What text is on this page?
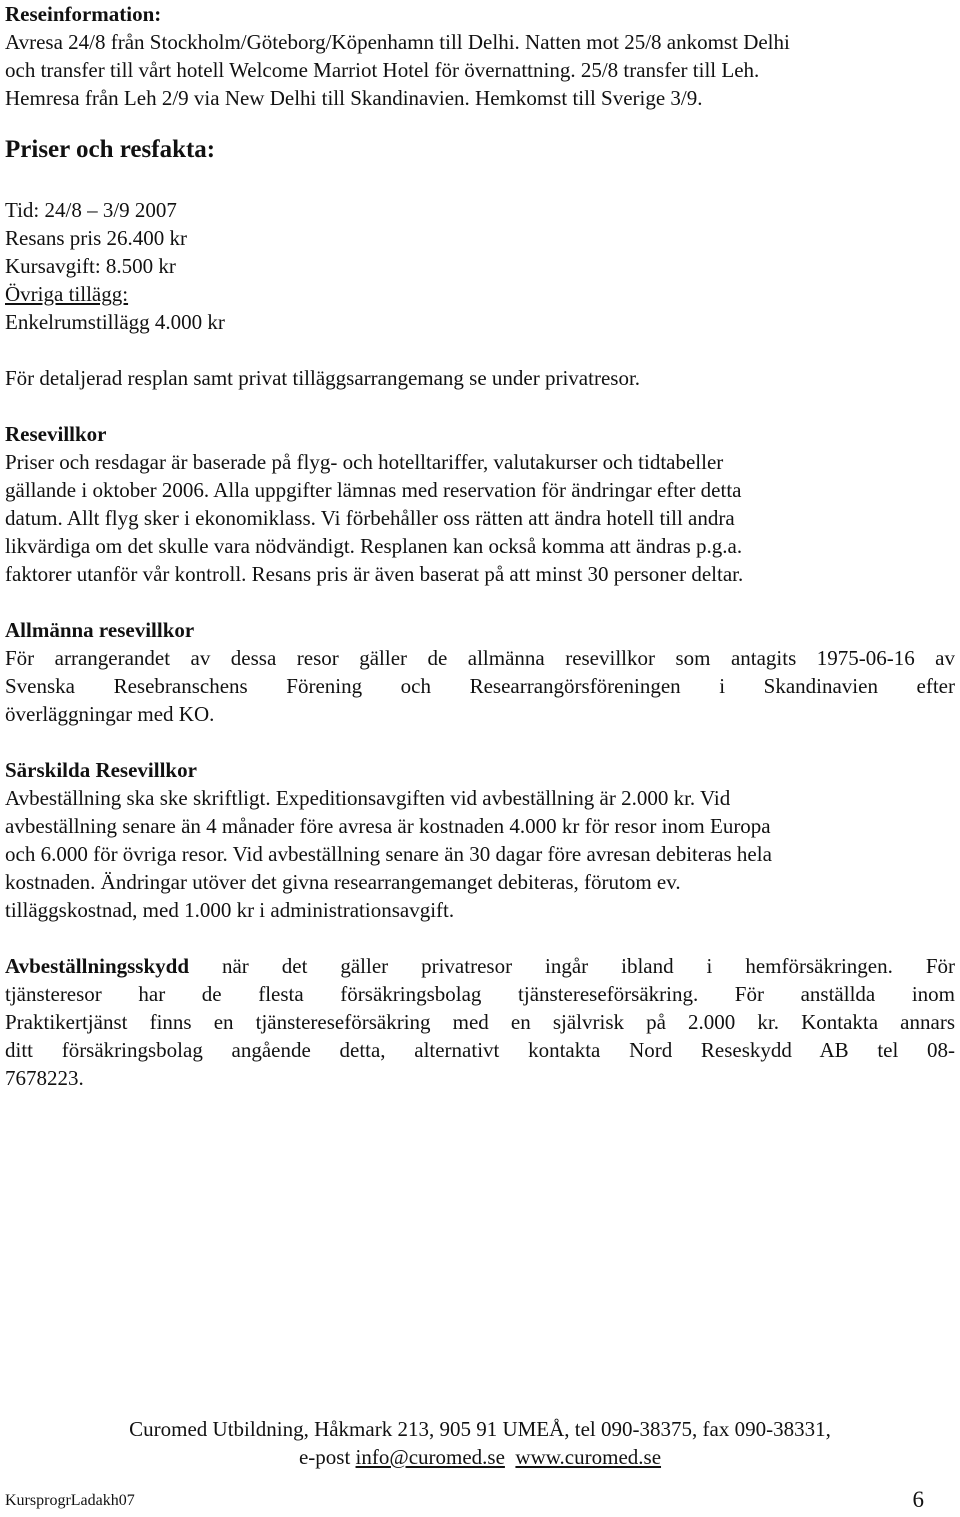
Reseinformation:
Avresa 24/8 från Stockholm/Göteborg/Köpenhamn till Delhi. Natten mot 25/8 ankomst Delhi
och transfer till vårt hotell Welcome Marriot Hotel för övernattning. 25/8 transfer till Leh.
Hemresa från Leh 2/9 via New Delhi till Skandinavien. Hemkomst till Sverige 3/9.
Priser och resfakta:
Tid: 24/8 – 3/9 2007
Resans pris 26.400 kr
Kursavgift: 8.500 kr
Övriga tillägg:
Enkelrumstillägg 4.000 kr
För detaljerad resplan samt privat tilläggsarrangemang se under privatresor.
Resevillkor
Priser och resdagar är baserade på flyg- och hotelltariffer, valutakurser och tidtabeller
gällande i oktober 2006. Alla uppgifter lämnas med reservation för ändringar efter detta
datum. Allt flyg sker i ekonomiklass. Vi förbehåller oss rätten att ändra hotell till andra
likvärdiga om det skulle vara nödvändigt. Resplanen kan också komma att ändras p.g.a.
faktorer utanför vår kontroll. Resans pris är även baserat på att minst 30 personer deltar.
Allmänna resevillkor
För arrangerandet av dessa resor gäller de allmänna resevillkor som antagits 1975-06-16 av
Svenska Resebranschens Förening och Researrangörsföreningen i Skandinavien efter
överläggningar med KO.
Särskilda Resevillkor
Avbeställning ska ske skriftligt. Expeditionsavgiften vid avbeställning är 2.000 kr. Vid
avbeställning senare än 4 månader före avresa är kostnaden 4.000 kr för resor inom Europa
och 6.000 för övriga resor. Vid avbeställning senare än 30 dagar före avresan debiteras hela
kostnaden. Ändringar utöver det givna researrangemanget debiteras, förutom ev.
tilläggskostnad, med 1.000 kr i administrationsavgift.
Avbeställningsskydd när det gäller privatresor ingår ibland i hemförsäkringen. För
tjänsteresor har de flesta försäkringsbolag tjänstereseförsäkring. För anställda inom
Praktikertjänst finns en tjänstereseförsäkring med en självrisk på 2.000 kr. Kontakta annars
ditt försäkringsbolag angående detta, alternativt kontakta Nord Reseskydd AB tel 08-
7678223.
Curomed Utbildning, Håkmark 213, 905 91 UMEÅ, tel 090-38375, fax 090-38331,
e-post info@curomed.se www.curomed.se
KursprogrLadakh07	6
